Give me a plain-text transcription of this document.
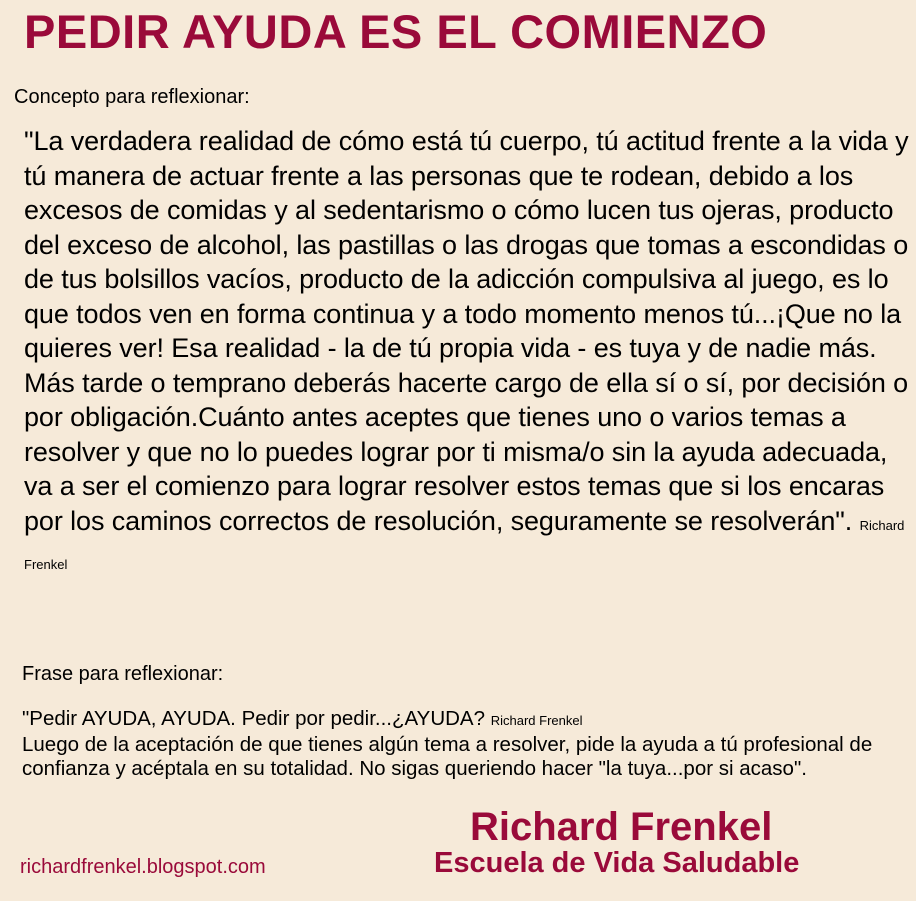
PEDIR AYUDA ES EL COMIENZO
Concepto para reflexionar:
"La verdadera realidad de cómo está tú cuerpo, tú actitud frente a la vida y tú manera de actuar frente a las personas que te rodean, debido a los excesos de comidas y al sedentarismo o cómo lucen tus ojeras, producto del exceso de alcohol, las pastillas o las drogas que tomas a escondidas o de tus bolsillos vacíos, producto de la adicción compulsiva al juego, es lo que todos ven en forma continua y a todo momento menos tú...¡Que no la quieres ver! Esa realidad - la de tú propia vida - es tuya y de nadie más. Más tarde o temprano deberás hacerte cargo de ella sí o sí, por decisión o por obligación.Cuánto antes aceptes que tienes uno o varios temas a resolver y que no lo puedes lograr por ti misma/o sin la ayuda adecuada, va a ser el comienzo para lograr resolver estos temas que si los encaras por los caminos correctos de resolución, seguramente se resolverán". Richard Frenkel
Frase para reflexionar:
"Pedir AYUDA, AYUDA. Pedir por pedir...¿AYUDA? Richard Frenkel
Luego de la aceptación de que tienes algún tema a resolver, pide la ayuda a tú profesional de confianza y acéptala en su totalidad. No sigas queriendo hacer "la tuya...por si acaso".
richardfrenkel.blogspot.com
Richard Frenkel
Escuela de Vida Saludable
